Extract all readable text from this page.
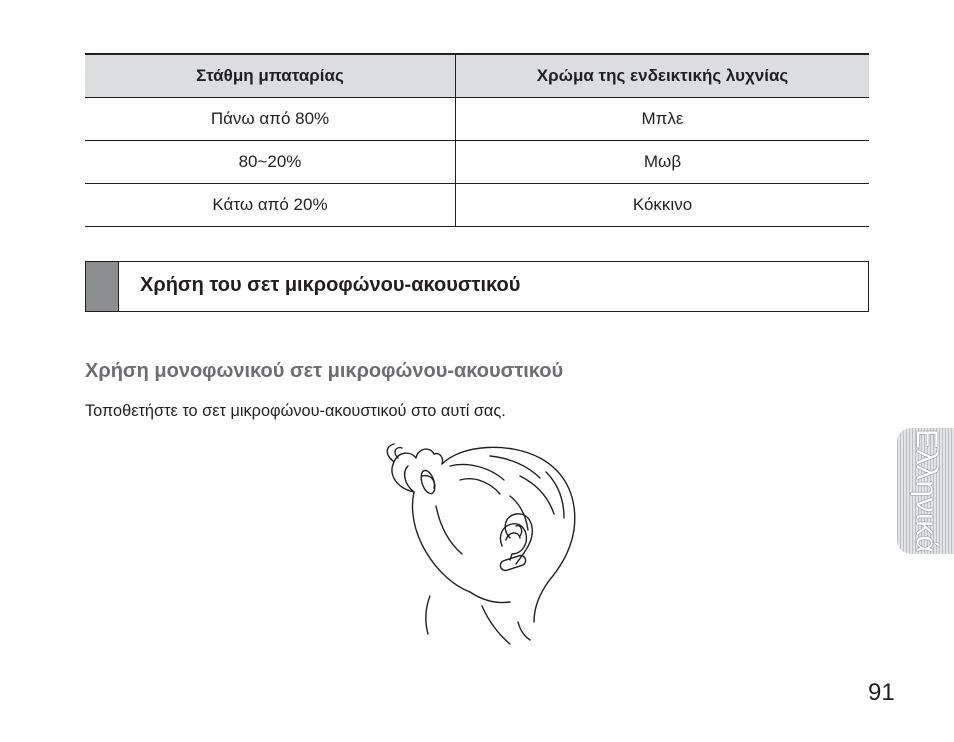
Στάθμη μπαταρίας	Χρώμα της ενδεικτικής λυχνίας
Πάνω από 80%	Μπλε
80~20%	Μωβ
Κάτω από 20%	Κόκκινο
Χρήση του σετ μικροφώνου-ακουστικού
Χρήση μονοφωνικού σετ μικροφώνου-ακουστικού
Τοποθετήστε το σετ μικροφώνου-ακουστικού στο αυτί σας.
Ελληνικά
91
